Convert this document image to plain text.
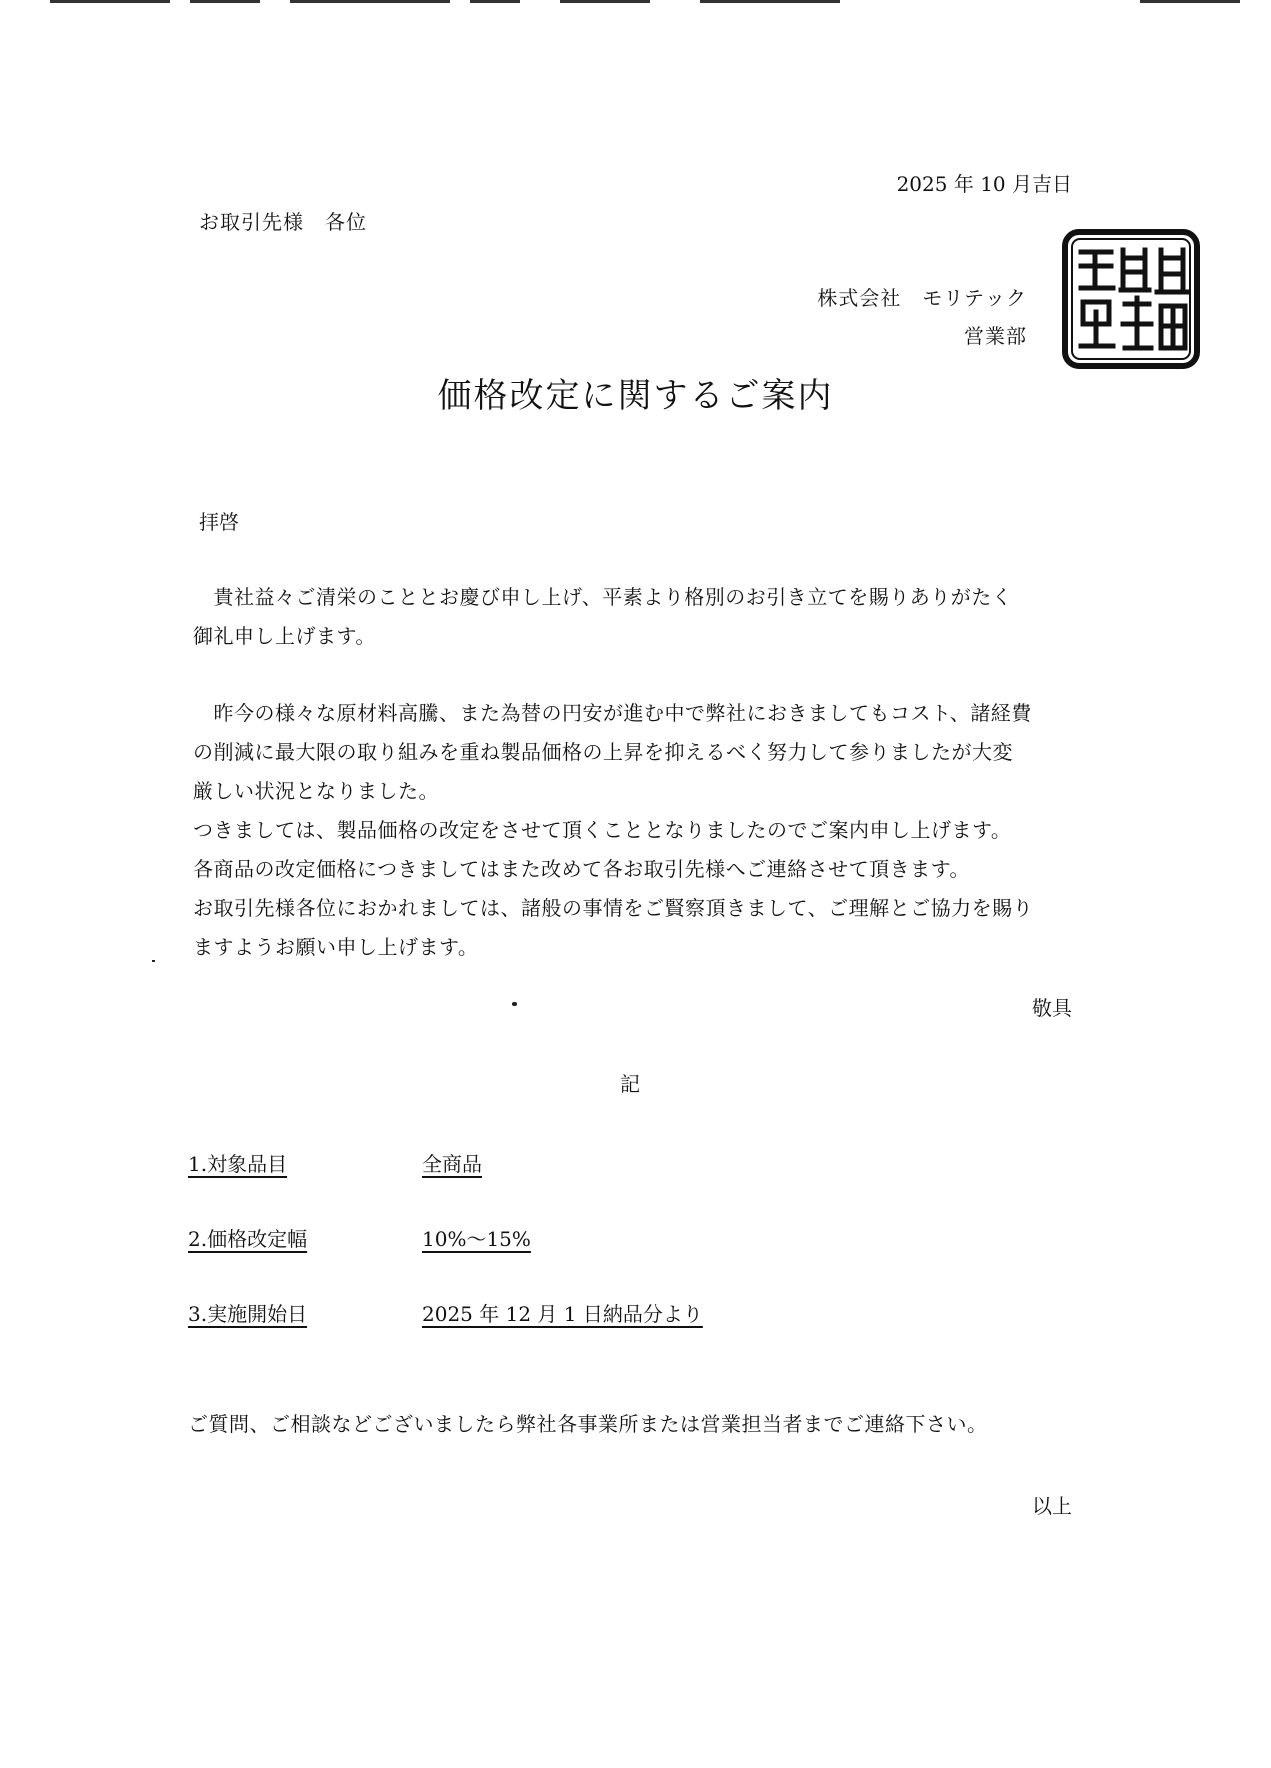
2025 年 10 月吉日
お取引先様　各位
株式会社　モリテック
営業部
価格改定に関するご案内
拝啓
　貴社益々ご清栄のこととお慶び申し上げ、平素より格別のお引き立てを賜りありがたく
御礼申し上げます。
　昨今の様々な原材料高騰、また為替の円安が進む中で弊社におきましてもコスト、諸経費
の削減に最大限の取り組みを重ね製品価格の上昇を抑えるべく努力して参りましたが大変
厳しい状況となりました。
つきましては、製品価格の改定をさせて頂くこととなりましたのでご案内申し上げます。
各商品の改定価格につきましてはまた改めて各お取引先様へご連絡させて頂きます。
お取引先様各位におかれましては、諸般の事情をご賢察頂きまして、ご理解とご協力を賜り
ますようお願い申し上げます。
敬具
記
1.対象品目	全商品
2.価格改定幅	10%～15%
3.実施開始日	2025 年 12 月 1 日納品分より
ご質問、ご相談などございましたら弊社各事業所または営業担当者までご連絡下さい。
以上
